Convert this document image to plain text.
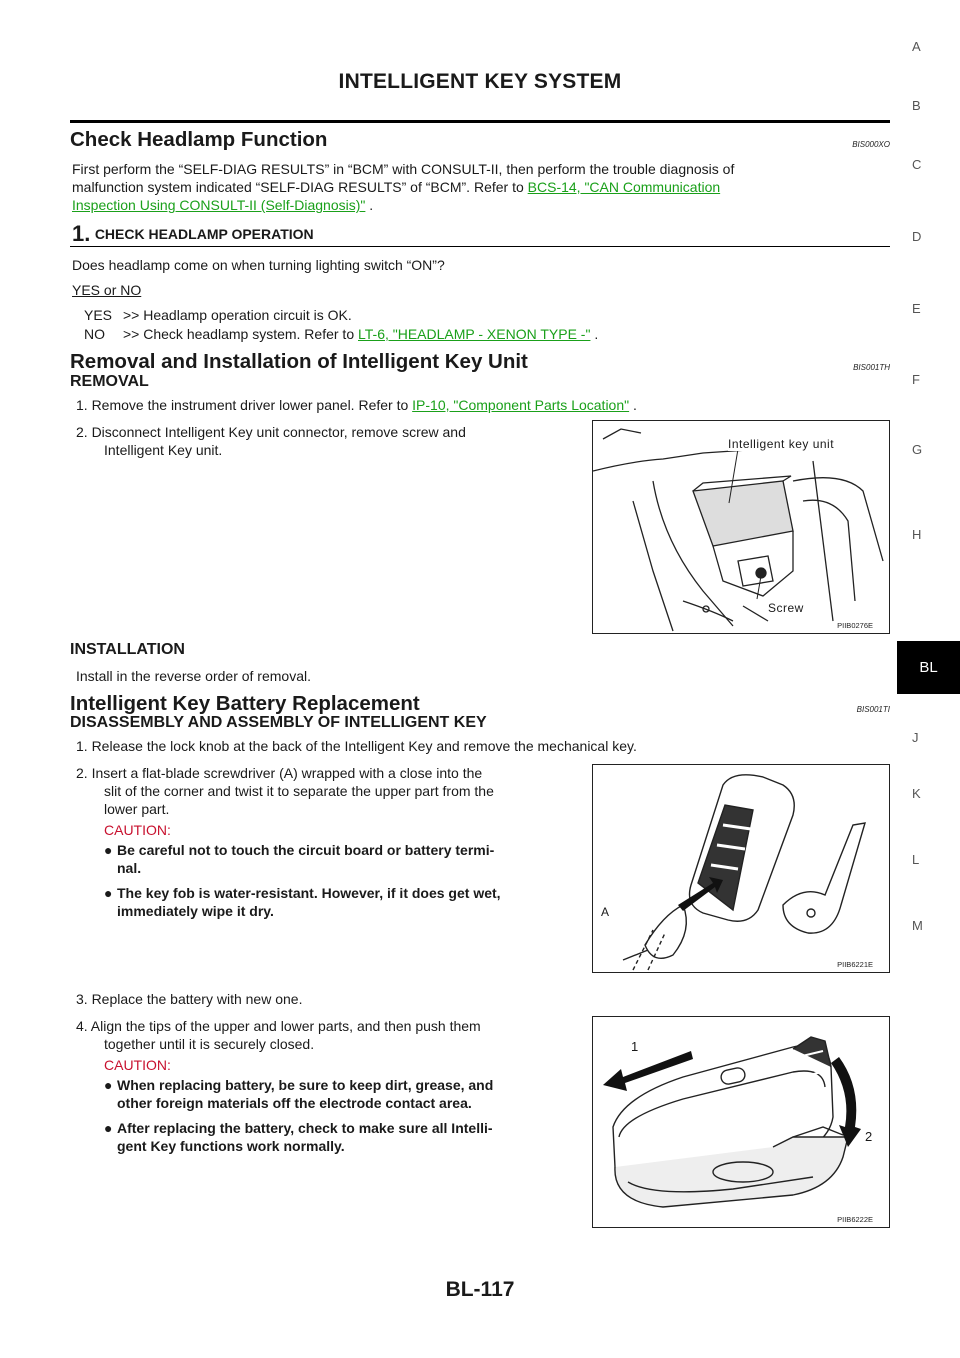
INTELLIGENT KEY SYSTEM
A
B
C
D
E
F
G
H
BL
J
K
L
M
Check Headlamp Function	BIS000XO
First perform the “SELF-DIAG RESULTS” in “BCM” with CONSULT-II, then perform the trouble diagnosis of
malfunction system indicated “SELF-DIAG RESULTS” of “BCM”. Refer to BCS-14, "CAN Communication
Inspection Using CONSULT-II (Self-Diagnosis)" .
1. CHECK HEADLAMP OPERATION
Does headlamp come on when turning lighting switch “ON”?
YES or NO
YES >> Headlamp operation circuit is OK.
NO >> Check headlamp system. Refer to LT-6, "HEADLAMP - XENON TYPE -" .
Removal and Installation of Intelligent Key Unit	BIS001TH
REMOVAL
1. Remove the instrument driver lower panel. Refer to IP-10, "Component Parts Location" .
2. Disconnect Intelligent Key unit connector, remove screw and
Intelligent Key unit.	Intelligent key unit
Screw
PIIB0276E
INSTALLATION
Install in the reverse order of removal.
Intelligent Key Battery Replacement	BIS001TI
DISASSEMBLY AND ASSEMBLY OF INTELLIGENT KEY
1. Release the lock knob at the back of the Intelligent Key and remove the mechanical key.
2. Insert a flat-blade screwdriver (A) wrapped with a close into the
slit of the corner and twist it to separate the upper part from the
lower part.
CAUTION:
● Be careful not to touch the circuit board or battery termi-
nal.
● The key fob is water-resistant. However, if it does get wet,
immediately wipe it dry.	A
PIIB6221E
3. Replace the battery with new one.
4. Align the tips of the upper and lower parts, and then push them
together until it is securely closed.
CAUTION:
● When replacing battery, be sure to keep dirt, grease, and
other foreign materials off the electrode contact area.
● After replacing the battery, check to make sure all Intelli-
gent Key functions work normally.
1
2
PIIB6222E
BL-117
